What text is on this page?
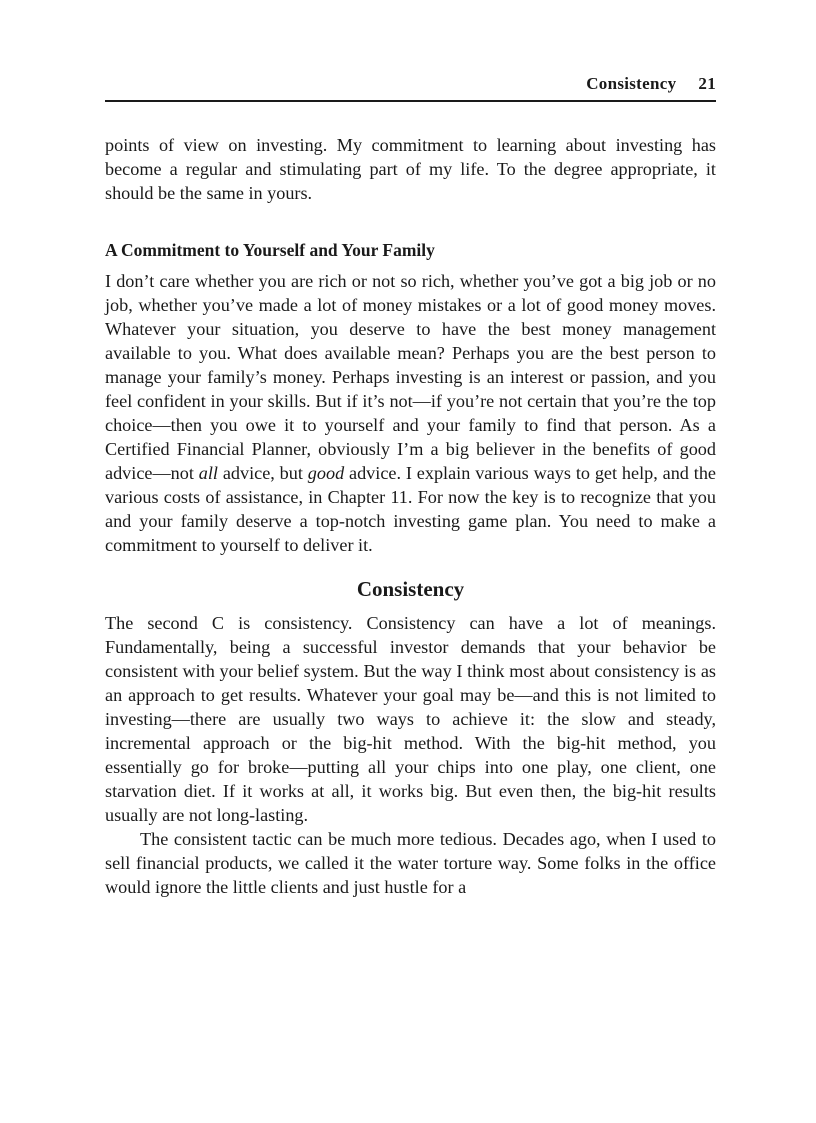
Consistency 21

points of view on investing. My commitment to learning about investing has become a regular and stimulating part of my life. To the degree appropriate, it should be the same in yours.

A Commitment to Yourself and Your Family

I don’t care whether you are rich or not so rich, whether you’ve got a big job or no job, whether you’ve made a lot of money mistakes or a lot of good money moves. Whatever your situation, you deserve to have the best money management available to you. What does available mean? Perhaps you are the best person to manage your family’s money. Perhaps investing is an interest or passion, and you feel confident in your skills. But if it’s not—if you’re not certain that you’re the top choice—then you owe it to yourself and your family to find that person. As a Certified Financial Planner, obviously I’m a big believer in the benefits of good advice—not all advice, but good advice. I explain various ways to get help, and the various costs of assistance, in Chapter 11. For now the key is to recognize that you and your family deserve a top-notch investing game plan. You need to make a commitment to yourself to deliver it.

Consistency

The second C is consistency. Consistency can have a lot of meanings. Fundamentally, being a successful investor demands that your behavior be consistent with your belief system. But the way I think most about consistency is as an approach to get results. Whatever your goal may be—and this is not limited to investing—there are usually two ways to achieve it: the slow and steady, incremental approach or the big-hit method. With the big-hit method, you essentially go for broke—putting all your chips into one play, one client, one starvation diet. If it works at all, it works big. But even then, the big-hit results usually are not long-lasting.

The consistent tactic can be much more tedious. Decades ago, when I used to sell financial products, we called it the water torture way. Some folks in the office would ignore the little clients and just hustle for a
